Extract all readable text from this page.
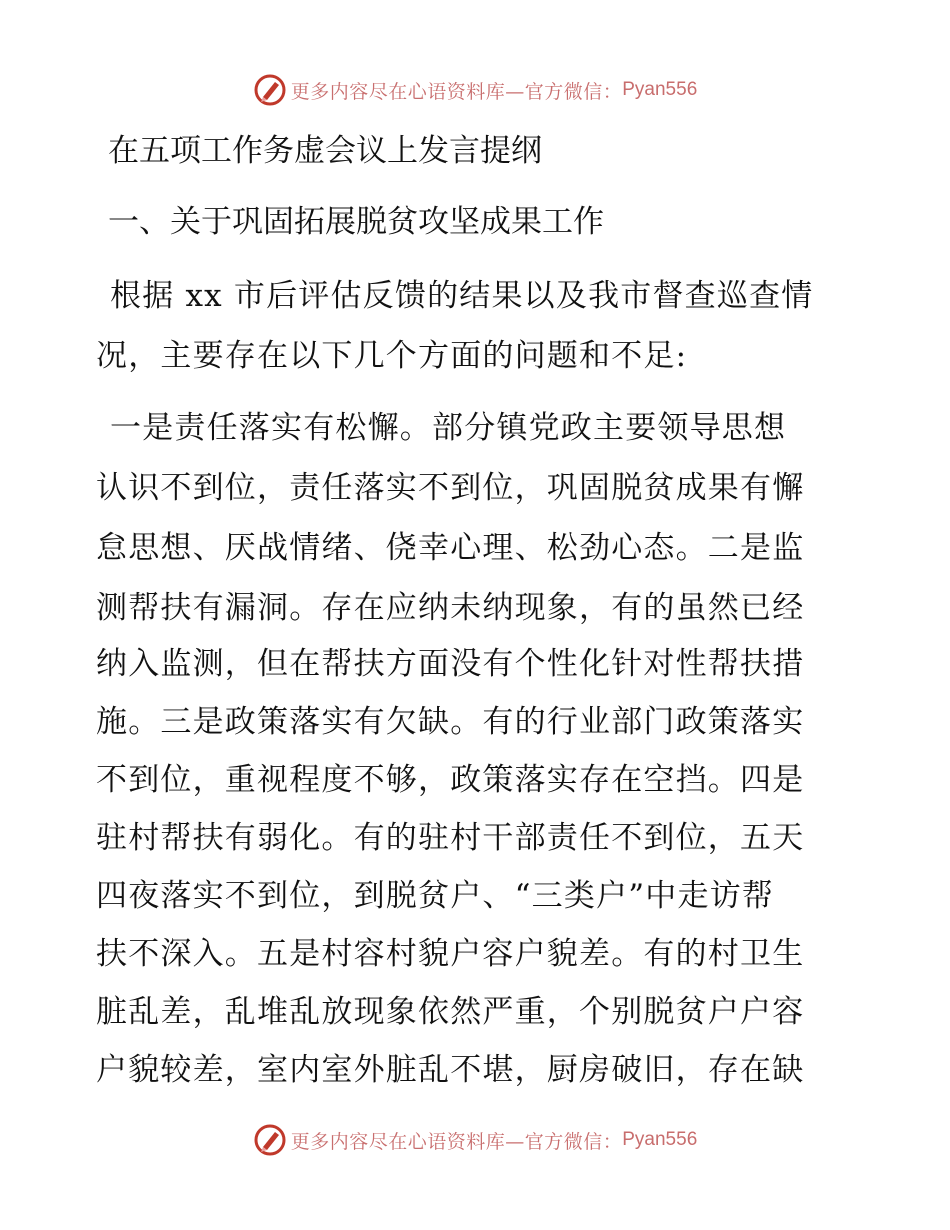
更多内容尽在心语资料库—官方微信： Pyan556
在五项工作务虚会议上发言提纲
一、关于巩固拓展脱贫攻坚成果工作
根据 xx 市后评估反馈的结果以及我市督查巡查情
况，主要存在以下几个方面的问题和不足:
一是责任落实有松懈。部分镇党政主要领导思想
认识不到位，责任落实不到位，巩固脱贫成果有懈
怠思想、厌战情绪、侥幸心理、松劲心态。二是监
测帮扶有漏洞。存在应纳未纳现象，有的虽然已经
纳入监测，但在帮扶方面没有个性化针对性帮扶措
施。三是政策落实有欠缺。有的行业部门政策落实
不到位，重视程度不够，政策落实存在空挡。四是
驻村帮扶有弱化。有的驻村干部责任不到位，五天
四夜落实不到位，到脱贫户、“三类户”中走访帮
扶不深入。五是村容村貌户容户貌差。有的村卫生
脏乱差，乱堆乱放现象依然严重，个别脱贫户户容
户貌较差，室内室外脏乱不堪，厨房破旧，存在缺
更多内容尽在心语资料库—官方微信： Pyan556
